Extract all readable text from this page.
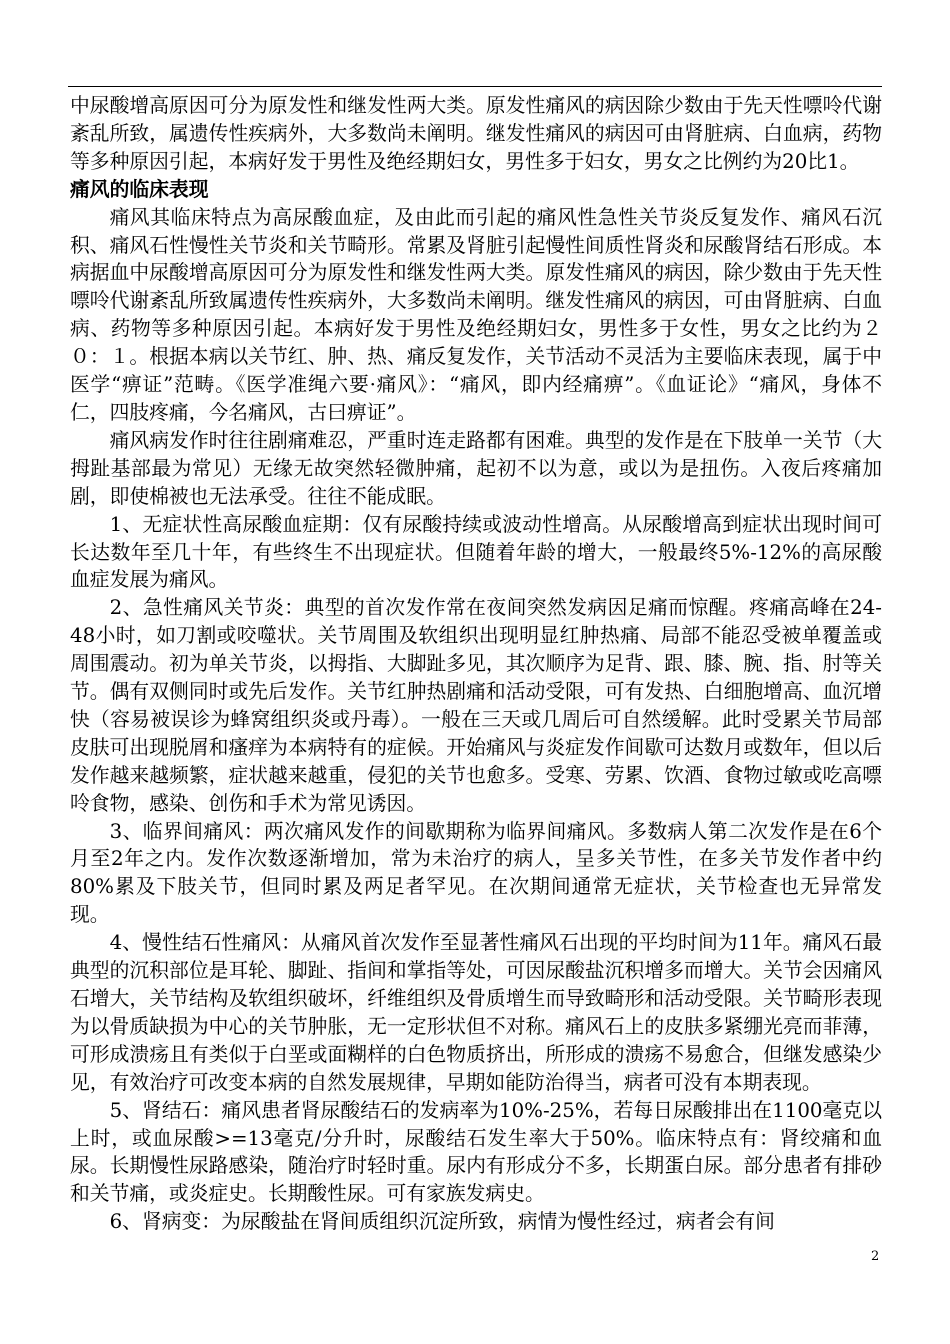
中尿酸增高原因可分为原发性和继发性两大类。原发性痛风的病因除少数由于先天性嘌呤代谢紊乱所致，属遗传性疾病外，大多数尚未阐明。继发性痛风的病因可由肾脏病、白血病，药物等多种原因引起，本病好发于男性及绝经期妇女，男性多于妇女，男女之比例约为20比1。

痛风的临床表现

痛风其临床特点为高尿酸血症，及由此而引起的痛风性急性关节炎反复发作、痛风石沉积、痛风石性慢性关节炎和关节畸形。常累及肾脏引起慢性间质性肾炎和尿酸肾结石形成。本病据血中尿酸增高原因可分为原发性和继发性两大类。原发性痛风的病因，除少数由于先天性嘌呤代谢紊乱所致属遗传性疾病外，大多数尚未阐明。继发性痛风的病因，可由肾脏病、白血病、药物等多种原因引起。本病好发于男性及绝经期妇女，男性多于女性，男女之比约为２０：１。根据本病以关节红、肿、热、痛反复发作，关节活动不灵活为主要临床表现，属于中医学“痹证”范畴。《医学准绳六要·痛风》：“痛风，即内经痛痹”。《血证论》“痛风，身体不仁，四肢疼痛，今名痛风，古曰痹证”。

痛风病发作时往往剧痛难忍，严重时连走路都有困难。典型的发作是在下肢单一关节（大拇趾基部最为常见）无缘无故突然轻微肿痛，起初不以为意，或以为是扭伤。入夜后疼痛加剧，即使棉被也无法承受。往往不能成眠。

1、无症状性高尿酸血症期：仅有尿酸持续或波动性增高。从尿酸增高到症状出现时间可长达数年至几十年，有些终生不出现症状。但随着年龄的增大，一般最终5%-12%的高尿酸血症发展为痛风。

2、急性痛风关节炎：典型的首次发作常在夜间突然发病因足痛而惊醒。疼痛高峰在24-48小时，如刀割或咬噬状。关节周围及软组织出现明显红肿热痛、局部不能忍受被单覆盖或周围震动。初为单关节炎，以拇指、大脚趾多见，其次顺序为足背、跟、膝、腕、指、肘等关节。偶有双侧同时或先后发作。关节红肿热剧痛和活动受限，可有发热、白细胞增高、血沉增快（容易被误诊为蜂窝组织炎或丹毒）。一般在三天或几周后可自然缓解。此时受累关节局部皮肤可出现脱屑和瘙痒为本病特有的症候。开始痛风与炎症发作间歇可达数月或数年，但以后发作越来越频繁，症状越来越重，侵犯的关节也愈多。受寒、劳累、饮酒、食物过敏或吃高嘌呤食物，感染、创伤和手术为常见诱因。

3、临界间痛风：两次痛风发作的间歇期称为临界间痛风。多数病人第二次发作是在6个月至2年之内。发作次数逐渐增加，常为未治疗的病人，呈多关节性，在多关节发作者中约80%累及下肢关节，但同时累及两足者罕见。在次期间通常无症状，关节检查也无异常发现。

4、慢性结石性痛风：从痛风首次发作至显著性痛风石出现的平均时间为11年。痛风石最典型的沉积部位是耳轮、脚趾、指间和掌指等处，可因尿酸盐沉积增多而增大。关节会因痛风石增大，关节结构及软组织破坏，纤维组织及骨质增生而导致畸形和活动受限。关节畸形表现为以骨质缺损为中心的关节肿胀，无一定形状但不对称。痛风石上的皮肤多紧绷光亮而菲薄，可形成溃疡且有类似于白垩或面糊样的白色物质挤出，所形成的溃疡不易愈合，但继发感染少见，有效治疗可改变本病的自然发展规律，早期如能防治得当，病者可没有本期表现。

5、肾结石：痛风患者肾尿酸结石的发病率为10%-25%，若每日尿酸排出在1100毫克以上时，或血尿酸>=13毫克/分升时，尿酸结石发生率大于50%。临床特点有：肾绞痛和血尿。长期慢性尿路感染，随治疗时轻时重。尿内有形成分不多，长期蛋白尿。部分患者有排砂和关节痛，或炎症史。长期酸性尿。可有家族发病史。

6、肾病变：为尿酸盐在肾间质组织沉淀所致，病情为慢性经过，病者会有间

2
